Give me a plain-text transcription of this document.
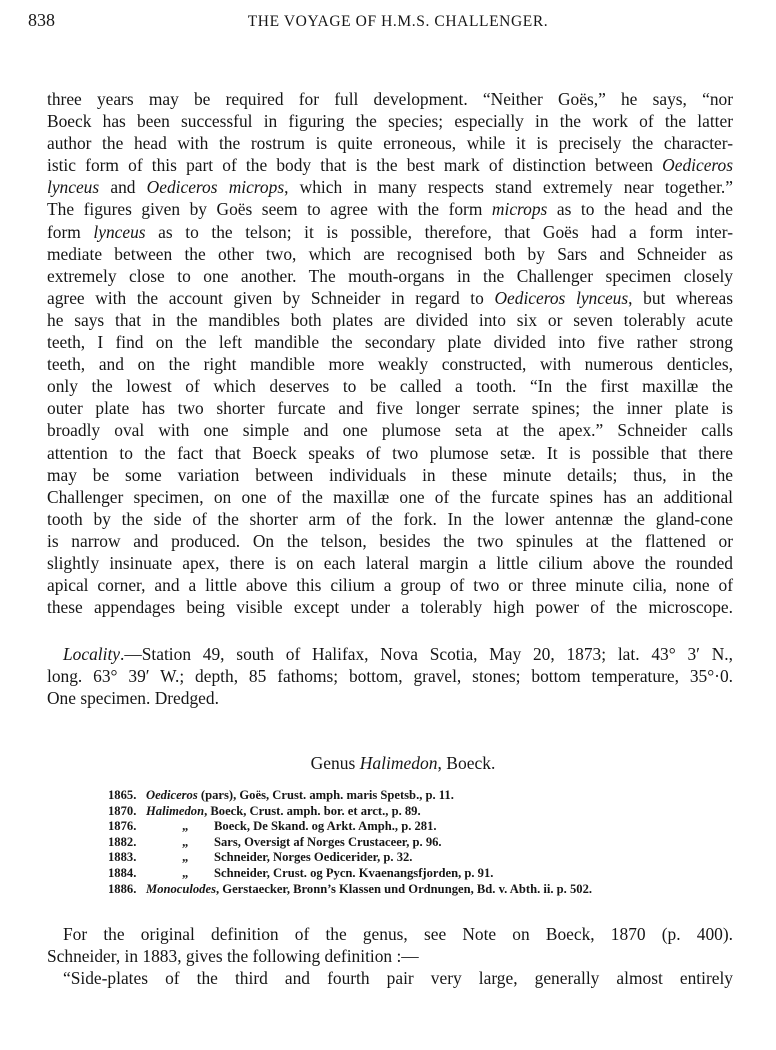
838	THE VOYAGE OF H.M.S. CHALLENGER.
three years may be required for full development. “Neither Goës,” he says, “nor
Boeck has been successful in figuring the species; especially in the work of the latter
author the head with the rostrum is quite erroneous, while it is precisely the character-
istic form of this part of the body that is the best mark of distinction between Oediceros
lynceus and Oediceros microps, which in many respects stand extremely near together.”
The figures given by Goës seem to agree with the form microps as to the head and the
form lynceus as to the telson; it is possible, therefore, that Goës had a form inter-
mediate between the other two, which are recognised both by Sars and Schneider as
extremely close to one another. The mouth-organs in the Challenger specimen closely
agree with the account given by Schneider in regard to Oediceros lynceus, but whereas
he says that in the mandibles both plates are divided into six or seven tolerably acute
teeth, I find on the left mandible the secondary plate divided into five rather strong
teeth, and on the right mandible more weakly constructed, with numerous denticles,
only the lowest of which deserves to be called a tooth. “In the first maxillæ the
outer plate has two shorter furcate and five longer serrate spines; the inner plate is
broadly oval with one simple and one plumose seta at the apex.” Schneider calls
attention to the fact that Boeck speaks of two plumose setæ. It is possible that there
may be some variation between individuals in these minute details; thus, in the
Challenger specimen, on one of the maxillæ one of the furcate spines has an additional
tooth by the side of the shorter arm of the fork. In the lower antennæ the gland-cone
is narrow and produced. On the telson, besides the two spinules at the flattened or
slightly insinuate apex, there is on each lateral margin a little cilium above the rounded
apical corner, and a little above this cilium a group of two or three minute cilia, none of
these appendages being visible except under a tolerably high power of the microscope.
Locality.—Station 49, south of Halifax, Nova Scotia, May 20, 1873; lat. 43° 3′ N.,
long. 63° 39′ W.; depth, 85 fathoms; bottom, gravel, stones; bottom temperature, 35°·0.
One specimen. Dredged.
Genus Halimedon, Boeck.
1865. Oediceros (pars), Goës, Crust. amph. maris Spetsb., p. 11.
1870. Halimedon, Boeck, Crust. amph. bor. et arct., p. 89.
1876.	„ Boeck, De Skand. og Arkt. Amph., p. 281.
1882.	„ Sars, Oversigt af Norges Crustaceer, p. 96.
1883.	„ Schneider, Norges Oedicerider, p. 32.
1884.	„ Schneider, Crust. og Pycn. Kvaenangsfjorden, p. 91.
1886. Monoculodes, Gerstaecker, Bronn’s Klassen und Ordnungen, Bd. v. Abth. ii. p. 502.
For the original definition of the genus, see Note on Boeck, 1870 (p. 400).
Schneider, in 1883, gives the following definition :—
“Side-plates of the third and fourth pair very large, generally almost entirely
